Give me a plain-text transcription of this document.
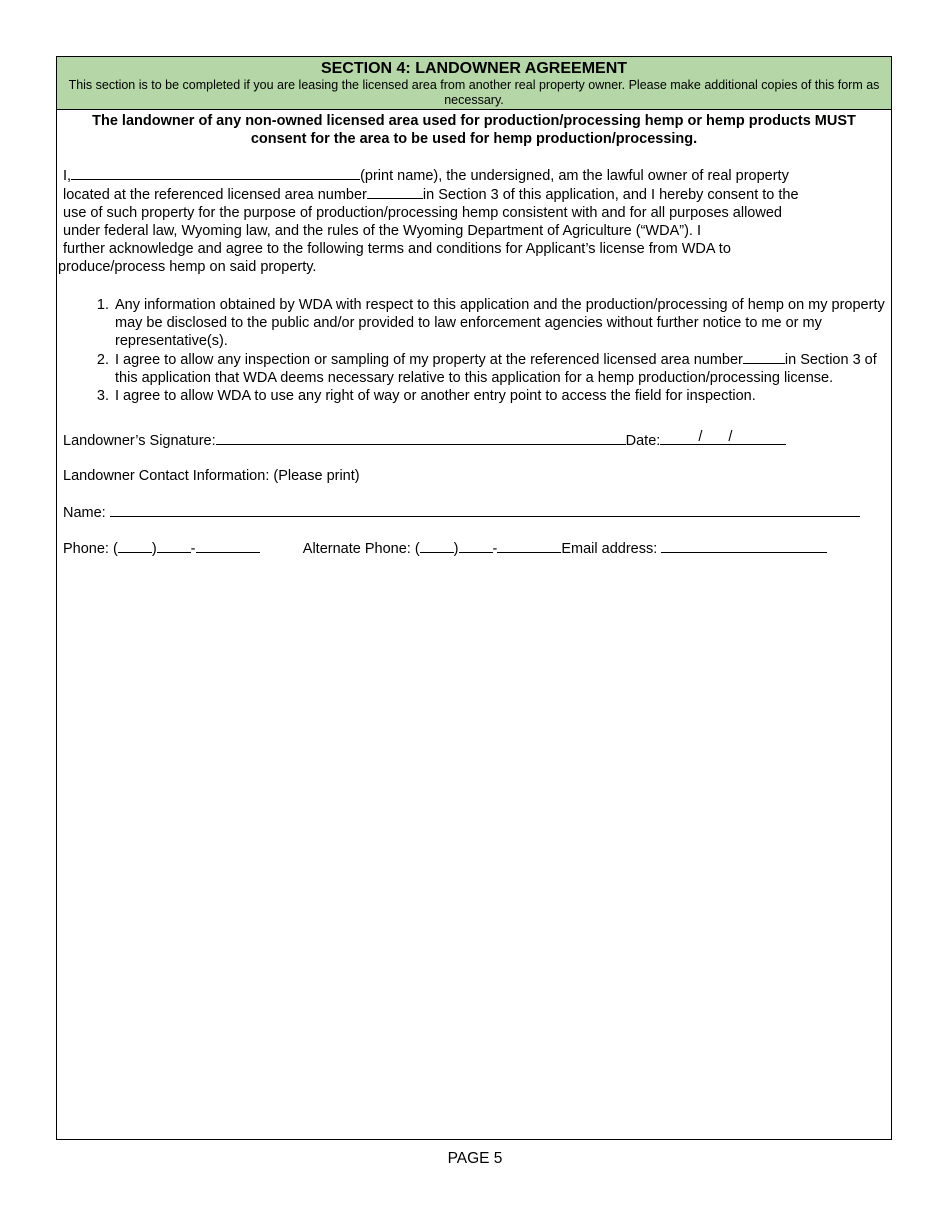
SECTION 4: LANDOWNER AGREEMENT
This section is to be completed if you are leasing the licensed area from another real property owner. Please make additional copies of this form as necessary.
The landowner of any non-owned licensed area used for production/processing hemp or hemp products MUST consent for the area to be used for hemp production/processing.
I,	(print name), the undersigned, am the lawful owner of real property
located at the referenced licensed area number	in Section 3 of this application, and I hereby consent to the
use of such property for the purpose of production/processing hemp consistent with and for all purposes allowed
under federal law, Wyoming law, and the rules of the Wyoming Department of Agriculture (“WDA”). I
further acknowledge and agree to the following terms and conditions for Applicant’s license from WDA to
produce/process hemp on said property.
1. Any information obtained by WDA with respect to this application and the production/processing of hemp on my property may be disclosed to the public and/or provided to law enforcement agencies without further notice to me or my representative(s).
2. I agree to allow any inspection or sampling of my property at the referenced licensed area number	in Section 3 of this application that WDA deems necessary relative to this application for a hemp production/processing license.
3. I agree to allow WDA to use any right of way or another entry point to access the field for inspection.
Landowner’s Signature:	Date:	/ /
Landowner Contact Information: (Please print)
Name:
Phone: ( ) -	Alternate Phone: ( ) -	Email address:
PAGE 5
